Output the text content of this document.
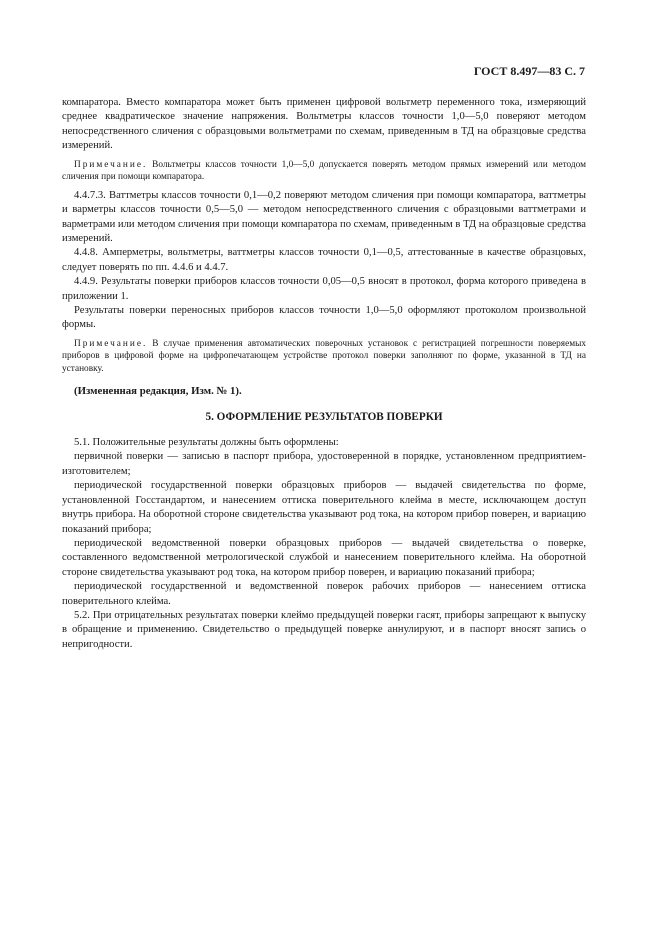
ГОСТ 8.497—83 С. 7

компаратора. Вместо компаратора может быть применен цифровой вольтметр переменного тока, измеряющий среднее квадратическое значение напряжения. Вольтметры классов точности 1,0—5,0 поверяют методом непосредственного сличения с образцовыми вольтметрами по схемам, приведенным в ТД на образцовые средства измерений.

Примечание. Вольтметры классов точности 1,0—5,0 допускается поверять методом прямых измерений или методом сличения при помощи компаратора.

4.4.7.3. Ваттметры классов точности 0,1—0,2 поверяют методом сличения при помощи компаратора, ваттметры и варметры классов точности 0,5—5,0 — методом непосредственного сличения с образцовыми ваттметрами и варметрами или методом сличения при помощи компаратора по схемам, приведенным в ТД на образцовые средства измерений.

4.4.8. Амперметры, вольтметры, ваттметры классов точности 0,1—0,5, аттестованные в качестве образцовых, следует поверять по пп. 4.4.6 и 4.4.7.

4.4.9. Результаты поверки приборов классов точности 0,05—0,5 вносят в протокол, форма которого приведена в приложении 1.

Результаты поверки переносных приборов классов точности 1,0—5,0 оформляют протоколом произвольной формы.

Примечание. В случае применения автоматических поверочных установок с регистрацией погрешности поверяемых приборов в цифровой форме на цифропечатающем устройстве протокол поверки заполняют по форме, указанной в ТД на установку.

(Измененная редакция, Изм. № 1).

5. ОФОРМЛЕНИЕ РЕЗУЛЬТАТОВ ПОВЕРКИ

5.1. Положительные результаты должны быть оформлены:

первичной поверки — записью в паспорт прибора, удостоверенной в порядке, установленном предприятием-изготовителем;

периодической государственной поверки образцовых приборов — выдачей свидетельства по форме, установленной Госстандартом, и нанесением оттиска поверительного клейма в месте, исключающем доступ внутрь прибора. На оборотной стороне свидетельства указывают род тока, на котором прибор поверен, и вариацию показаний прибора;

периодической ведомственной поверки образцовых приборов — выдачей свидетельства о поверке, составленного ведомственной метрологической службой и нанесением поверительного клейма. На оборотной стороне свидетельства указывают род тока, на котором прибор поверен, и вариацию показаний прибора;

периодической государственной и ведомственной поверок рабочих приборов — нанесением оттиска поверительного клейма.

5.2. При отрицательных результатах поверки клеймо предыдущей поверки гасят, приборы запрещают к выпуску в обращение и применению. Свидетельство о предыдущей поверке аннулируют, и в паспорт вносят запись о непригодности.
